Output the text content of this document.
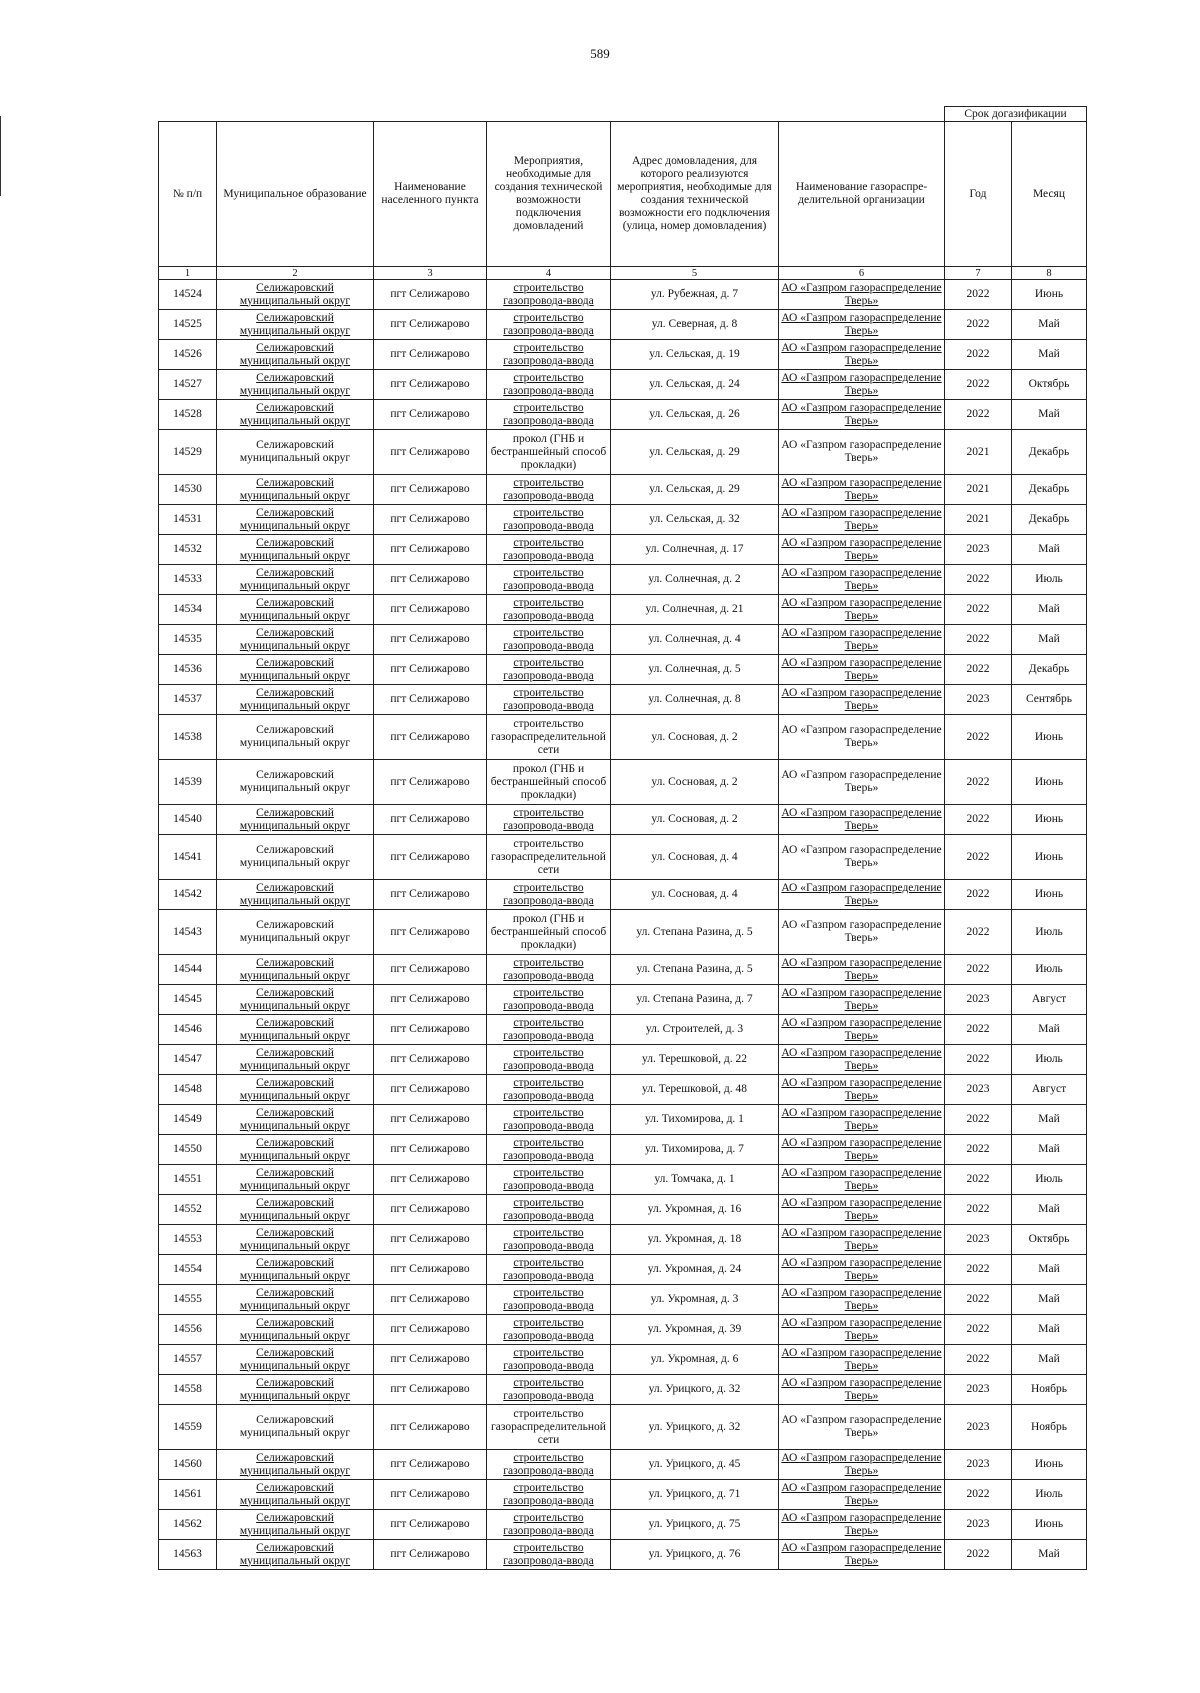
589
						Срок догазификации	
№ п/п	Муниципальное образование	Наименование населенного пункта	Мероприятия, необходимые для создания технической возможности подключения домовладений	Адрес домовладения, для которого реализуются мероприятия, необходимые для создания технической возможности его подключения (улица, номер домовладения)	Наименование газораспре-делительной организации	Год	Месяц
1	2	3	4	5	6	7	8
14524	Селижаровский муниципальный округ	пгт Селижарово	строительство газопровода-ввода	ул. Рубежная, д. 7	АО «Газпром газораспределение Тверь»	2022	Июнь
14525	Селижаровский муниципальный округ	пгт Селижарово	строительство газопровода-ввода	ул. Северная, д. 8	АО «Газпром газораспределение Тверь»	2022	Май
14526	Селижаровский муниципальный округ	пгт Селижарово	строительство газопровода-ввода	ул. Сельская, д. 19	АО «Газпром газораспределение Тверь»	2022	Май
14527	Селижаровский муниципальный округ	пгт Селижарово	строительство газопровода-ввода	ул. Сельская, д. 24	АО «Газпром газораспределение Тверь»	2022	Октябрь
14528	Селижаровский муниципальный округ	пгт Селижарово	строительство газопровода-ввода	ул. Сельская, д. 26	АО «Газпром газораспределение Тверь»	2022	Май
14529	Селижаровский муниципальный округ	пгт Селижарово	прокол (ГНБ и бестраншейный способ прокладки)	ул. Сельская, д. 29	АО «Газпром газораспределение Тверь»	2021	Декабрь
14530	Селижаровский муниципальный округ	пгт Селижарово	строительство газопровода-ввода	ул. Сельская, д. 29	АО «Газпром газораспределение Тверь»	2021	Декабрь
14531	Селижаровский муниципальный округ	пгт Селижарово	строительство газопровода-ввода	ул. Сельская, д. 32	АО «Газпром газораспределение Тверь»	2021	Декабрь
14532	Селижаровский муниципальный округ	пгт Селижарово	строительство газопровода-ввода	ул. Солнечная, д. 17	АО «Газпром газораспределение Тверь»	2023	Май
14533	Селижаровский муниципальный округ	пгт Селижарово	строительство газопровода-ввода	ул. Солнечная, д. 2	АО «Газпром газораспределение Тверь»	2022	Июль
14534	Селижаровский муниципальный округ	пгт Селижарово	строительство газопровода-ввода	ул. Солнечная, д. 21	АО «Газпром газораспределение Тверь»	2022	Май
14535	Селижаровский муниципальный округ	пгт Селижарово	строительство газопровода-ввода	ул. Солнечная, д. 4	АО «Газпром газораспределение Тверь»	2022	Май
14536	Селижаровский муниципальный округ	пгт Селижарово	строительство газопровода-ввода	ул. Солнечная, д. 5	АО «Газпром газораспределение Тверь»	2022	Декабрь
14537	Селижаровский муниципальный округ	пгт Селижарово	строительство газопровода-ввода	ул. Солнечная, д. 8	АО «Газпром газораспределение Тверь»	2023	Сентябрь
14538	Селижаровский муниципальный округ	пгт Селижарово	строительство газораспределительной сети	ул. Сосновая, д. 2	АО «Газпром газораспределение Тверь»	2022	Июнь
14539	Селижаровский муниципальный округ	пгт Селижарово	прокол (ГНБ и бестраншейный способ прокладки)	ул. Сосновая, д. 2	АО «Газпром газораспределение Тверь»	2022	Июнь
14540	Селижаровский муниципальный округ	пгт Селижарово	строительство газопровода-ввода	ул. Сосновая, д. 2	АО «Газпром газораспределение Тверь»	2022	Июнь
14541	Селижаровский муниципальный округ	пгт Селижарово	строительство газораспределительной сети	ул. Сосновая, д. 4	АО «Газпром газораспределение Тверь»	2022	Июнь
14542	Селижаровский муниципальный округ	пгт Селижарово	строительство газопровода-ввода	ул. Сосновая, д. 4	АО «Газпром газораспределение Тверь»	2022	Июнь
14543	Селижаровский муниципальный округ	пгт Селижарово	прокол (ГНБ и бестраншейный способ прокладки)	ул. Степана Разина, д. 5	АО «Газпром газораспределение Тверь»	2022	Июль
14544	Селижаровский муниципальный округ	пгт Селижарово	строительство газопровода-ввода	ул. Степана Разина, д. 5	АО «Газпром газораспределение Тверь»	2022	Июль
14545	Селижаровский муниципальный округ	пгт Селижарово	строительство газопровода-ввода	ул. Степана Разина, д. 7	АО «Газпром газораспределение Тверь»	2023	Август
14546	Селижаровский муниципальный округ	пгт Селижарово	строительство газопровода-ввода	ул. Строителей, д. 3	АО «Газпром газораспределение Тверь»	2022	Май
14547	Селижаровский муниципальный округ	пгт Селижарово	строительство газопровода-ввода	ул. Терешковой, д. 22	АО «Газпром газораспределение Тверь»	2022	Июль
14548	Селижаровский муниципальный округ	пгт Селижарово	строительство газопровода-ввода	ул. Терешковой, д. 48	АО «Газпром газораспределение Тверь»	2023	Август
14549	Селижаровский муниципальный округ	пгт Селижарово	строительство газопровода-ввода	ул. Тихомирова, д. 1	АО «Газпром газораспределение Тверь»	2022	Май
14550	Селижаровский муниципальный округ	пгт Селижарово	строительство газопровода-ввода	ул. Тихомирова, д. 7	АО «Газпром газораспределение Тверь»	2022	Май
14551	Селижаровский муниципальный округ	пгт Селижарово	строительство газопровода-ввода	ул. Томчака, д. 1	АО «Газпром газораспределение Тверь»	2022	Июль
14552	Селижаровский муниципальный округ	пгт Селижарово	строительство газопровода-ввода	ул. Укромная, д. 16	АО «Газпром газораспределение Тверь»	2022	Май
14553	Селижаровский муниципальный округ	пгт Селижарово	строительство газопровода-ввода	ул. Укромная, д. 18	АО «Газпром газораспределение Тверь»	2023	Октябрь
14554	Селижаровский муниципальный округ	пгт Селижарово	строительство газопровода-ввода	ул. Укромная, д. 24	АО «Газпром газораспределение Тверь»	2022	Май
14555	Селижаровский муниципальный округ	пгт Селижарово	строительство газопровода-ввода	ул. Укромная, д. 3	АО «Газпром газораспределение Тверь»	2022	Май
14556	Селижаровский муниципальный округ	пгт Селижарово	строительство газопровода-ввода	ул. Укромная, д. 39	АО «Газпром газораспределение Тверь»	2022	Май
14557	Селижаровский муниципальный округ	пгт Селижарово	строительство газопровода-ввода	ул. Укромная, д. 6	АО «Газпром газораспределение Тверь»	2022	Май
14558	Селижаровский муниципальный округ	пгт Селижарово	строительство газопровода-ввода	ул. Урицкого, д. 32	АО «Газпром газораспределение Тверь»	2023	Ноябрь
14559	Селижаровский муниципальный округ	пгт Селижарово	строительство газораспределительной сети	ул. Урицкого, д. 32	АО «Газпром газораспределение Тверь»	2023	Ноябрь
14560	Селижаровский муниципальный округ	пгт Селижарово	строительство газопровода-ввода	ул. Урицкого, д. 45	АО «Газпром газораспределение Тверь»	2023	Июнь
14561	Селижаровский муниципальный округ	пгт Селижарово	строительство газопровода-ввода	ул. Урицкого, д. 71	АО «Газпром газораспределение Тверь»	2022	Июль
14562	Селижаровский муниципальный округ	пгт Селижарово	строительство газопровода-ввода	ул. Урицкого, д. 75	АО «Газпром газораспределение Тверь»	2023	Июнь
14563	Селижаровский муниципальный округ	пгт Селижарово	строительство газопровода-ввода	ул. Урицкого, д. 76	АО «Газпром газораспределение Тверь»	2022	Май
